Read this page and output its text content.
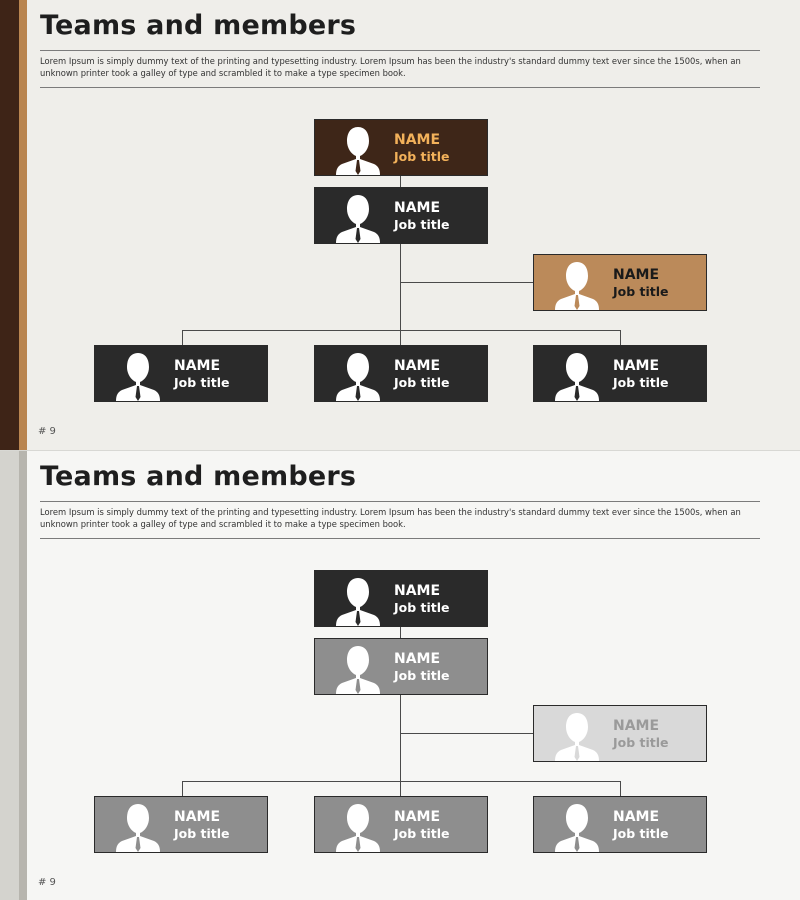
Teams and members
Lorem Ipsum is simply dummy text of the printing and typesetting industry. Lorem Ipsum has been the industry's standard dummy text ever since the 1500s, when an unknown printer took a galley of type and scrambled it to make a type specimen book.
NAME
Job title
NAME
Job title
NAME
Job title
NAME
Job title
NAME
Job title
NAME
Job title
# 9
Teams and members
Lorem Ipsum is simply dummy text of the printing and typesetting industry. Lorem Ipsum has been the industry's standard dummy text ever since the 1500s, when an unknown printer took a galley of type and scrambled it to make a type specimen book.
NAME
Job title
NAME
Job title
NAME
Job title
NAME
Job title
NAME
Job title
NAME
Job title
# 9
